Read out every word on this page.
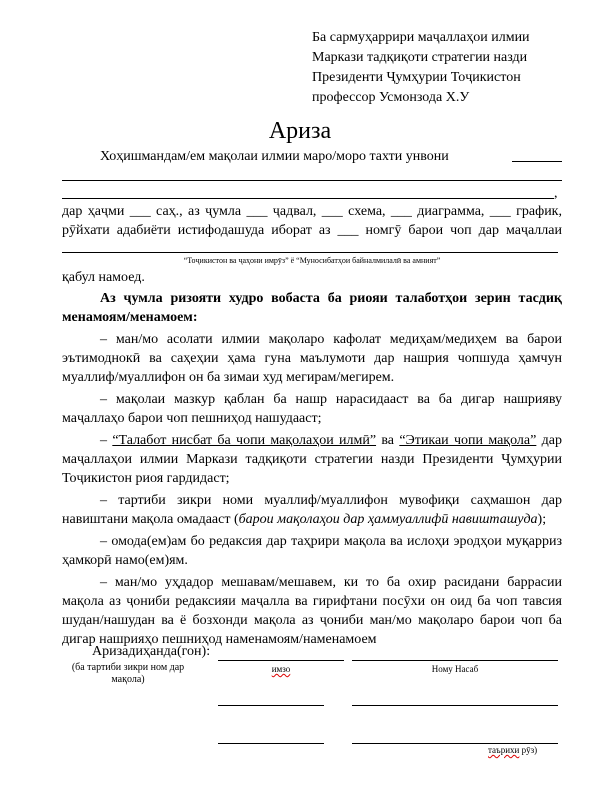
Ба сармуҳаррири маҷаллаҳои илмии
Маркази тадқиқоти стратегии назди
Президенти Ҷумҳурии Тоҷикистон
профессор Усмонзода Х.У
Ариза
Хоҳишмандам/ем мақолаи илмии маро/моро тахти унвони
,
дар ҳаҷми ___ саҳ., аз ҷумла ___ ҷадвал, ___ схема, ___ диаграмма, ___ график,
рӯйхати адабиёти истифодашуда иборат аз ___ номгӯ барои чоп дар маҷаллаи
“Тоҷикистон ва ҷаҳони имрӯз” ё “Муносибатҳои байналмилалӣ ва амният”
қабул намоед.

Аз ҷумла ризояти худро вобаста ба риояи талаботҳои зерин тасдиқ менамоям/менамоем:

– ман/мо асолати илмии мақоларо кафолат медиҳам/медиҳем ва барои эътимоднокӣ ва саҳеҳии ҳама гуна маълумоти дар нашрия чопшуда ҳамчун муаллиф/муаллифон он ба зимаи худ мегирам/мегирем.

– мақолаи мазкур қаблан ба нашр нарасидааст ва ба дигар нашрияву маҷаллаҳо барои чоп пешниҳод нашудааст;

– “Талабот нисбат ба чопи мақолаҳои илмӣ” ва “Этикаи чопи мақола” дар маҷаллаҳои илмии Маркази тадқиқоти стратегии назди Президенти Ҷумҳурии Тоҷикистон риоя гардидаст;

– тартиби зикри номи муаллиф/муаллифон мувофиқи саҳмашон дар навиштани мақола омадааст (барои мақолаҳои дар ҳаммуаллифӣ навишташуда);

– омода(ем)ам бо редаксия дар таҳрири мақола ва ислоҳи эродҳои муқарриз ҳамкорӣ намо(ем)ям.

– ман/мо уҳдадор мешавам/мешавем, ки то ба охир расидани баррасии мақола аз ҷониби редаксияи маҷалла ва гирифтани посӯхи он оид ба чоп тавсия шудан/нашудан ва ё бозхонди мақола аз ҷониби ман/мо мақоларо барои чоп ба дигар нашрияҳо пешниҳод наменамоям/наменамоем

Аризадиҳанда(гон):
(ба тартиби зикри ном дар мақола)
имзо	Ному Насаб
таърихи рӯз)
